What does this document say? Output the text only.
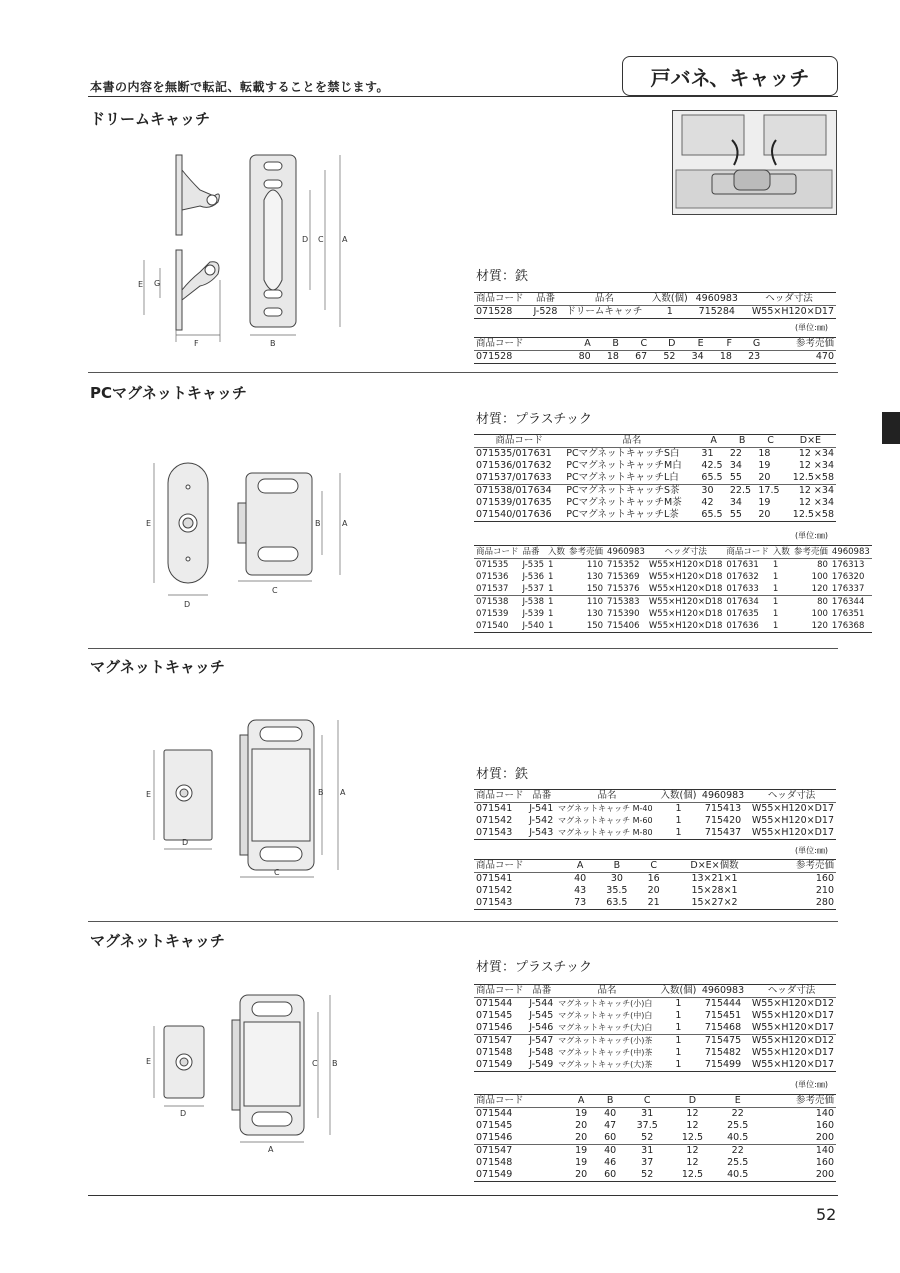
本書の内容を無断で転記、転載することを禁じます。	戸バネ、キャッチ
ドリームキャッチ
E G
F
A
C
D
B
材質：鉄
商品コード	品番	品名	入数(個)	4960983	ヘッダ寸法
071528	J-528	ドリームキャッチ	1	715284	W55×H120×D17
(単位:㎜)
商品コード	A	B	C	D	E	F	G	参考売価
071528	80	18	67	52	34	18	23	470
PCマグネットキャッチ
E
D
A
B
C
材質：プラスチック
商品コード	品名	A	B	C	D×E
071535/017631	PCマグネットキャッチS白	31	22	18	12 ×34
071536/017632	PCマグネットキャッチM白	42.5	34	19	12 ×34
071537/017633	PCマグネットキャッチL白	65.5	55	20	12.5×58
071538/017634	PCマグネットキャッチS茶	30	22.5	17.5	12 ×34
071539/017635	PCマグネットキャッチM茶	42	34	19	12 ×34
071540/017636	PCマグネットキャッチL茶	65.5	55	20	12.5×58
(単位:㎜)
商品コード	品番	入数	参考売価	4960983	ヘッダ寸法	商品コード	入数	参考売価	4960983
071535	J-535	1	110	715352	W55×H120×D18	017631	1	80	176313
071536	J-536	1	130	715369	W55×H120×D18	017632	1	100	176320
071537	J-537	1	150	715376	W55×H120×D18	017633	1	120	176337
071538	J-538	1	110	715383	W55×H120×D18	017634	1	80	176344
071539	J-539	1	130	715390	W55×H120×D18	017635	1	100	176351
071540	J-540	1	150	715406	W55×H120×D18	017636	1	120	176368
マグネットキャッチ
E
D
A
B
C
材質：鉄
商品コード	品番	品名	入数(個)	4960983	ヘッダ寸法
071541	J-541	マグネットキャッチ M-40	1	715413	W55×H120×D17
071542	J-542	マグネットキャッチ M-60	1	715420	W55×H120×D17
071543	J-543	マグネットキャッチ M-80	1	715437	W55×H120×D17
(単位:㎜)
商品コード	A	B	C	D×E×個数	参考売価
071541	40	30	16	13×21×1	160
071542	43	35.5	20	15×28×1	210
071543	73	63.5	21	15×27×2	280
マグネットキャッチ
E
D
C B
A
材質：プラスチック
商品コード	品番	品名	入数(個)	4960983	ヘッダ寸法
071544	J-544	マグネットキャッチ(小)白	1	715444	W55×H120×D12
071545	J-545	マグネットキャッチ(中)白	1	715451	W55×H120×D17
071546	J-546	マグネットキャッチ(大)白	1	715468	W55×H120×D17
071547	J-547	マグネットキャッチ(小)茶	1	715475	W55×H120×D12
071548	J-548	マグネットキャッチ(中)茶	1	715482	W55×H120×D17
071549	J-549	マグネットキャッチ(大)茶	1	715499	W55×H120×D17
(単位:㎜)
商品コード	A	B	C	D	E	参考売価
071544	19	40	31	12	22	140
071545	20	47	37.5	12	25.5	160
071546	20	60	52	12.5	40.5	200
071547	19	40	31	12	22	140
071548	19	46	37	12	25.5	160
071549	20	60	52	12.5	40.5	200
52
